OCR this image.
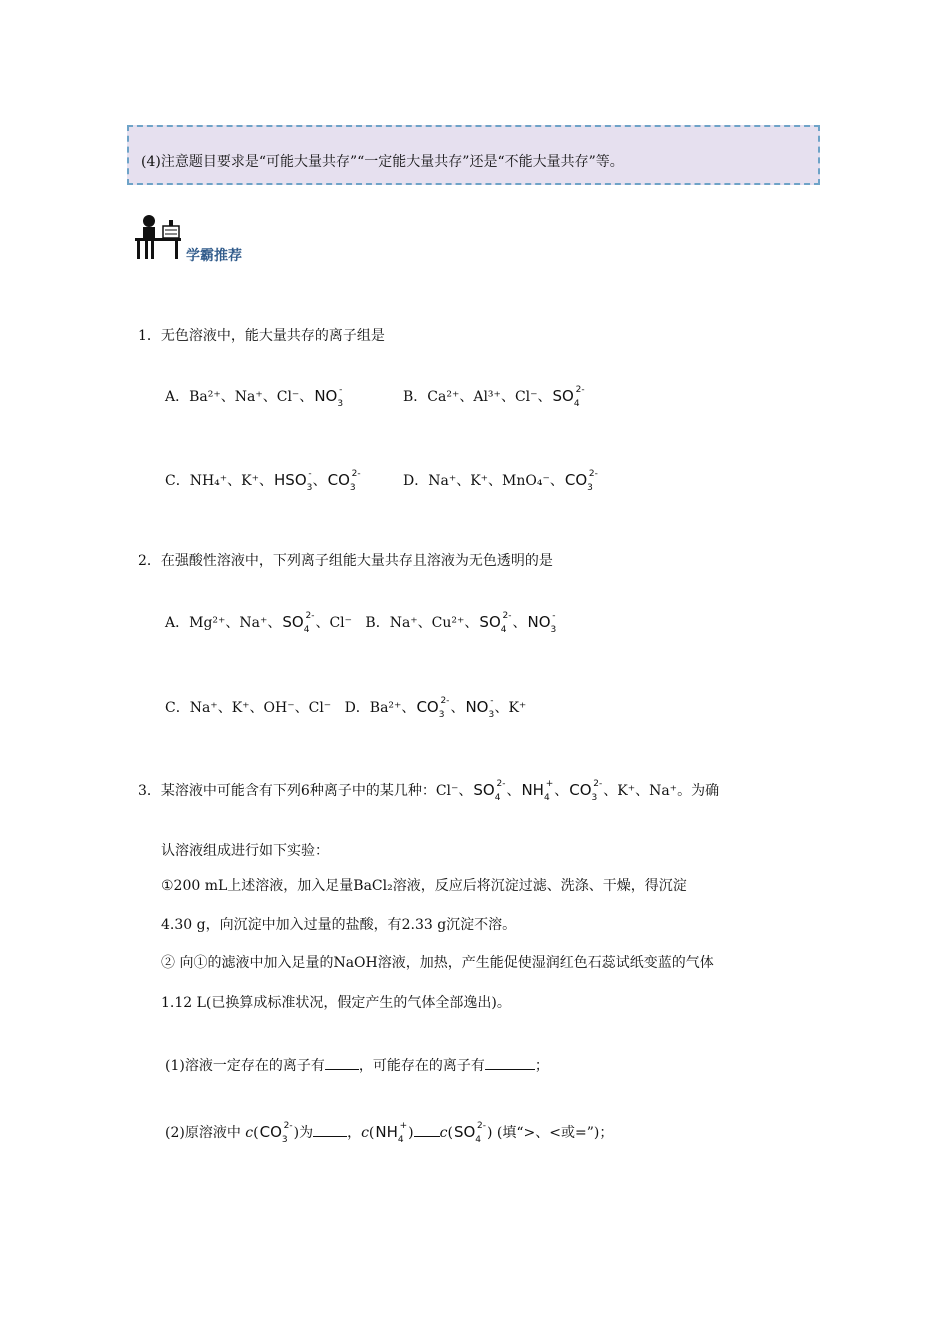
(4)注意题目要求是“可能大量共存”“一定能大量共存”还是“不能大量共存”等。
学霸推荐
1．无色溶液中，能大量共存的离子组是
A．Ba²⁺、Na⁺、Cl⁻、$NO_3^-$	B．Ca²⁺、Al³⁺、Cl⁻、$SO_4^{2-}$
C．NH₄⁺、K⁺、$HSO_3^-$、$CO_3^{2-}$	D．Na⁺、K⁺、MnO₄⁻、$CO_3^{2-}$
2．在强酸性溶液中，下列离子组能大量共存且溶液为无色透明的是
A．Mg²⁺、Na⁺、$SO_4^{2-}$、Cl⁻ B．Na⁺、Cu²⁺、$SO_4^{2-}$、$NO_3^-$
C．Na⁺、K⁺、OH⁻、Cl⁻ D．Ba²⁺、$CO_3^{2-}$、$NO_3^-$、K⁺
3．某溶液中可能含有下列6种离子中的某几种：Cl⁻、$SO_4^{2-}$、$NH_4^+$、$CO_3^{2-}$、K⁺、Na⁺。为确
认溶液组成进行如下实验：
①200 mL上述溶液，加入足量BaCl₂溶液，反应后将沉淀过滤、洗涤、干燥，得沉淀
4.30 g，向沉淀中加入过量的盐酸，有2.33 g沉淀不溶。
② 向①的滤液中加入足量的NaOH溶液，加热，产生能促使湿润红色石蕊试纸变蓝的气体
1.12 L(已换算成标准状况，假定产生的气体全部逸出)。
(1)溶液一定存在的离子有 ，可能存在的离子有	；
(2)原溶液中 $c(CO_3^{2-})$为 ，$c(NH_4^+)$ $c(SO_4^{2-})$ (填“>、<或=”)；
